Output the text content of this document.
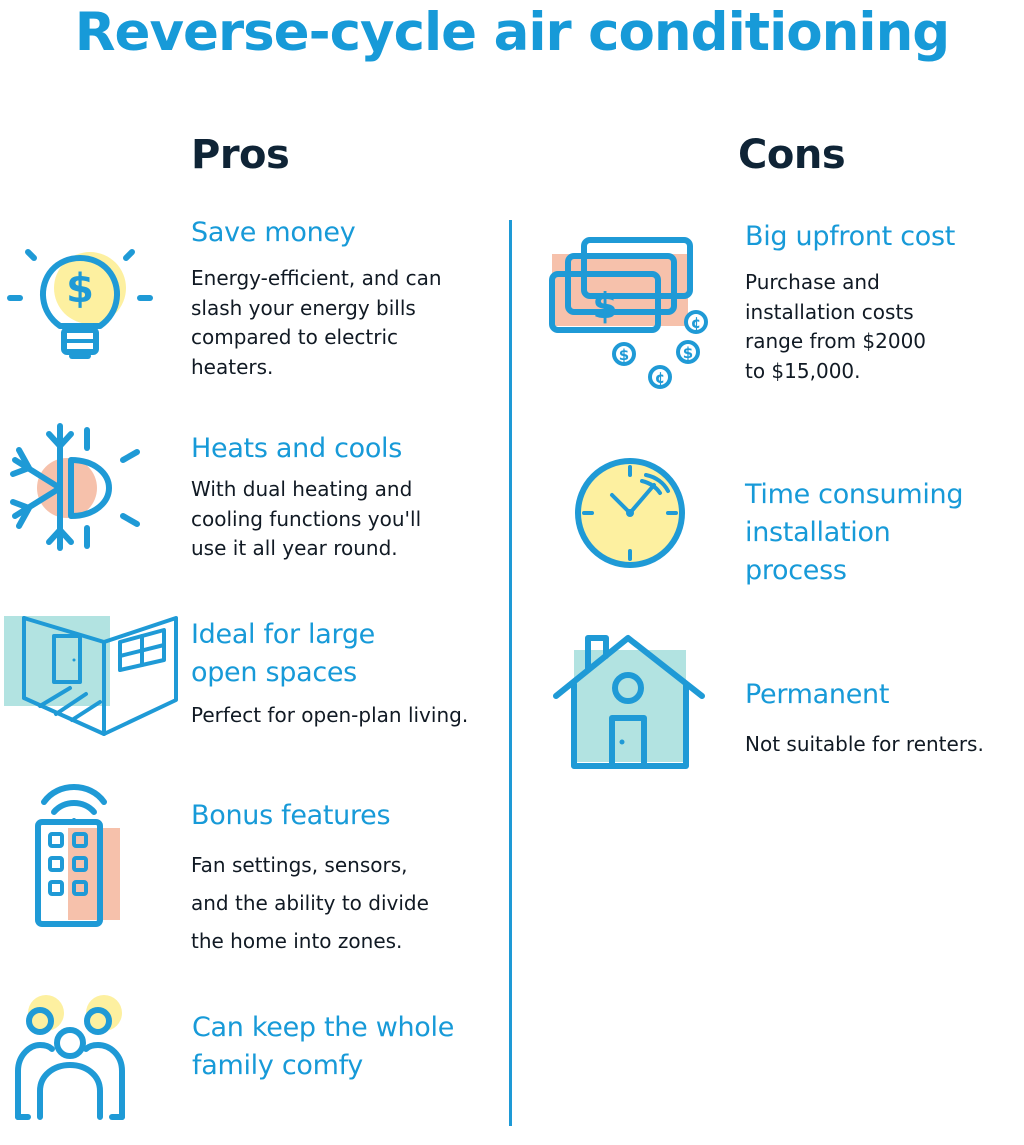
Reverse-cycle air conditioning
Pros	Cons
$
Save money
Energy-efficient, and can
slash your energy bills
compared to electric
heaters.
Heats and cools
With dual heating and
cooling functions you'll
use it all year round.
Ideal for large
open spaces
Perfect for open-plan living.
Bonus features
Fan settings, sensors,
and the ability to divide
the home into zones.
Can keep the whole
family comfy
$	¢
$	$
¢
Big upfront cost
Purchase and
installation costs
range from $2000
to $15,000.
Time consuming
installation
process
Permanent
Not suitable for renters.
